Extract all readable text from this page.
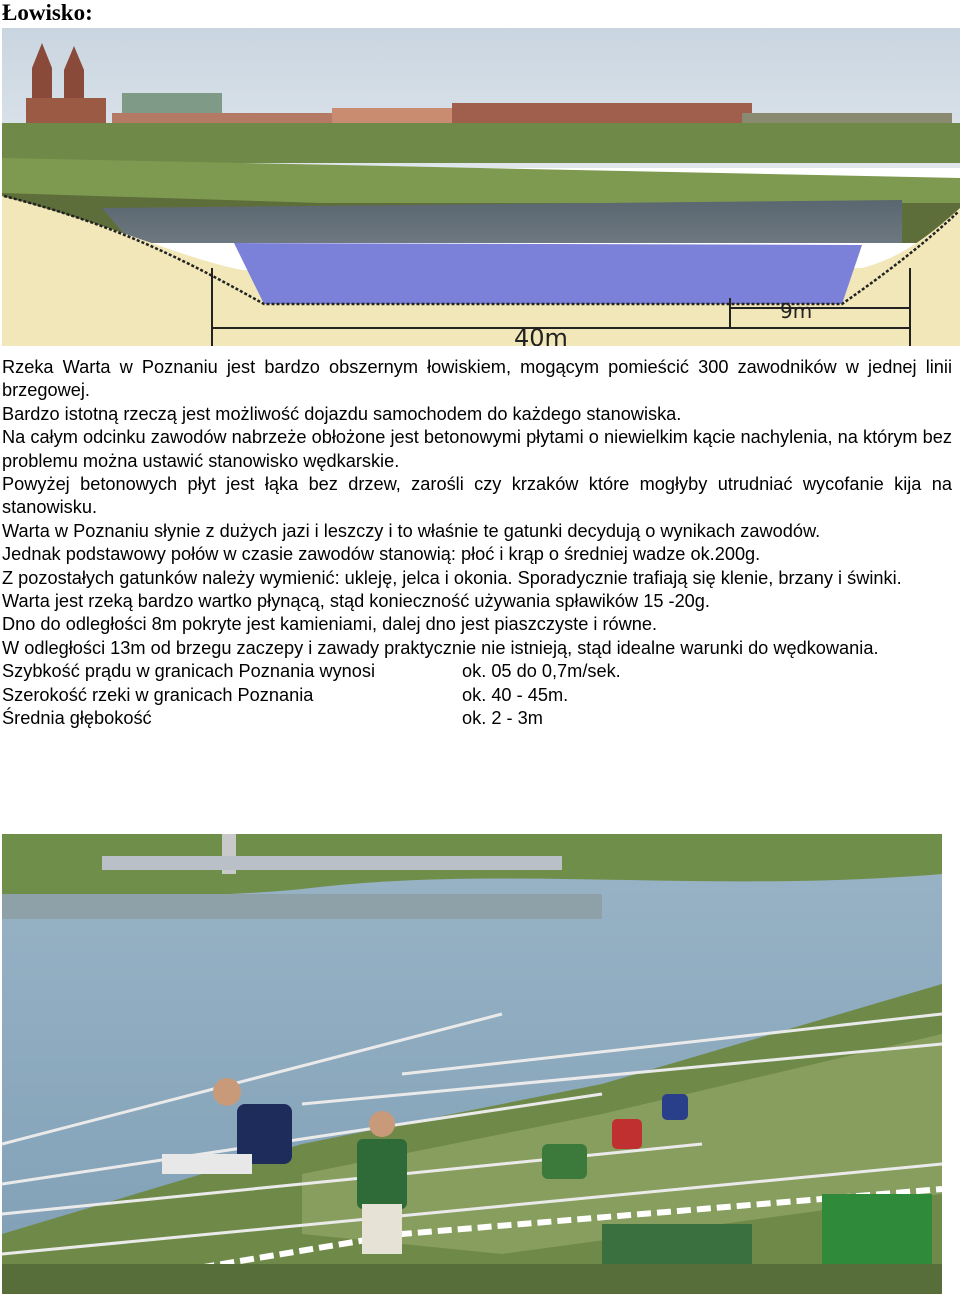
Łowisko:
9m
40m

Rzeka Warta w Poznaniu jest bardzo obszernym łowiskiem, mogącym pomieścić 300 zawodników w jednej linii brzegowej.

Bardzo istotną rzeczą jest możliwość dojazdu samochodem do każdego stanowiska.

Na całym odcinku zawodów nabrzeże obłożone jest betonowymi płytami o niewielkim kącie nachylenia, na którym bez problemu można ustawić stanowisko wędkarskie.

Powyżej betonowych płyt jest łąka bez drzew, zarośli czy krzaków które mogłyby utrudniać wycofanie kija na stanowisku.

Warta w Poznaniu słynie z dużych jazi i leszczy i to właśnie te gatunki decydują o wynikach zawodów.

Jednak podstawowy połów w czasie zawodów stanowią: płoć i krąp o średniej wadze ok.200g.

Z pozostałych gatunków należy wymienić: ukleję, jelca i okonia. Sporadycznie trafiają się klenie, brzany i świnki.

Warta jest rzeką bardzo wartko płynącą, stąd konieczność używania spławików 15 -20g.

Dno do odległości 8m pokryte jest kamieniami, dalej dno jest piaszczyste i równe.

W odległości 13m od brzegu zaczepy i zawady praktycznie nie istnieją, stąd idealne warunki do wędkowania.

Szybkość prądu w granicach Poznania wynosi	ok. 05 do 0,7m/sek.
Szerokość rzeki w granicach Poznania	ok. 40 - 45m.
Średnia głębokość	ok. 2 - 3m
